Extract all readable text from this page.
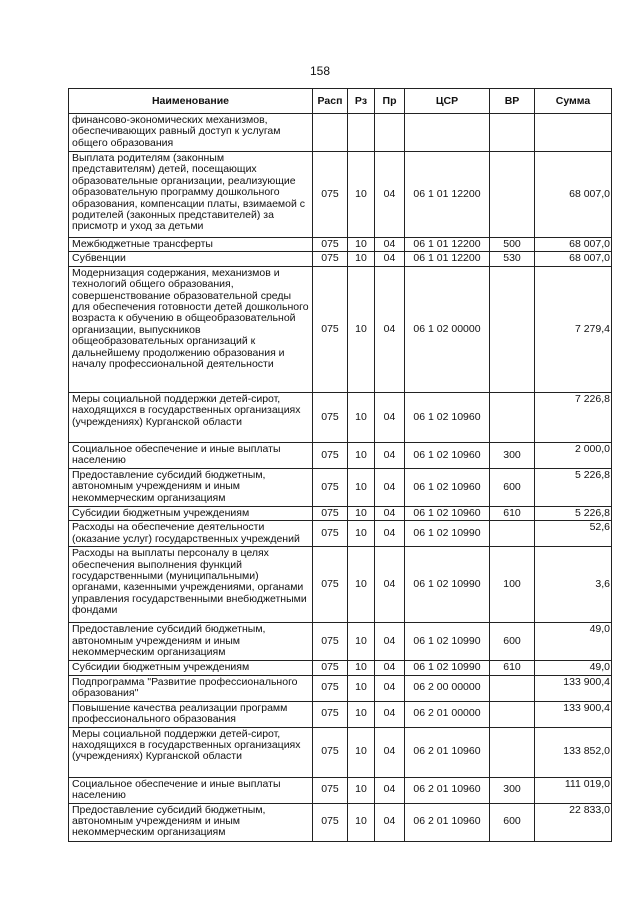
158
Наименование	Расп	Рз	Пр	ЦСР	ВР	Сумма
финансово-экономических механизмов, обеспечивающих равный доступ к услугам общего образования						
Выплата родителям (законным представителям) детей, посещающих образовательные организации, реализующие образовательную программу дошкольного образования, компенсации платы, взимаемой с родителей (законных представителей) за присмотр и уход за детьми	075	10	04	06 1 01 12200		68 007,0
Межбюджетные трансферты	075	10	04	06 1 01 12200	500	68 007,0
Субвенции	075	10	04	06 1 01 12200	530	68 007,0
Модернизация содержания, механизмов и технологий общего образования, совершенствование образовательной среды для обеспечения готовности детей дошкольного возраста к обучению в общеобразовательной организации, выпускников общеобразовательных организаций к дальнейшему продолжению образования и началу профессиональной деятельности	075	10	04	06 1 02 00000		7 279,4
Меры социальной поддержки детей-сирот, находящихся в государственных организациях (учреждениях) Курганской области	075	10	04	06 1 02 10960		7 226,8
Социальное обеспечение и иные выплаты населению	075	10	04	06 1 02 10960	300	2 000,0
Предоставление субсидий бюджетным, автономным учреждениям и иным некоммерческим организациям	075	10	04	06 1 02 10960	600	5 226,8
Субсидии бюджетным учреждениям	075	10	04	06 1 02 10960	610	5 226,8
Расходы на обеспечение деятельности (оказание услуг) государственных учреждений	075	10	04	06 1 02 10990		52,6
Расходы на выплаты персоналу в целях обеспечения выполнения функций государственными (муниципальными) органами, казенными учреждениями, органами управления государственными внебюджетными фондами	075	10	04	06 1 02 10990	100	3,6
Предоставление субсидий бюджетным, автономным учреждениям и иным некоммерческим организациям	075	10	04	06 1 02 10990	600	49,0
Субсидии бюджетным учреждениям	075	10	04	06 1 02 10990	610	49,0
Подпрограмма "Развитие профессионального образования"	075	10	04	06 2 00 00000		133 900,4
Повышение качества реализации программ профессионального образования	075	10	04	06 2 01 00000		133 900,4
Меры социальной поддержки детей-сирот, находящихся в государственных организациях (учреждениях) Курганской области	075	10	04	06 2 01 10960		133 852,0
Социальное обеспечение и иные выплаты населению	075	10	04	06 2 01 10960	300	111 019,0
Предоставление субсидий бюджетным, автономным учреждениям и иным некоммерческим организациям	075	10	04	06 2 01 10960	600	22 833,0
